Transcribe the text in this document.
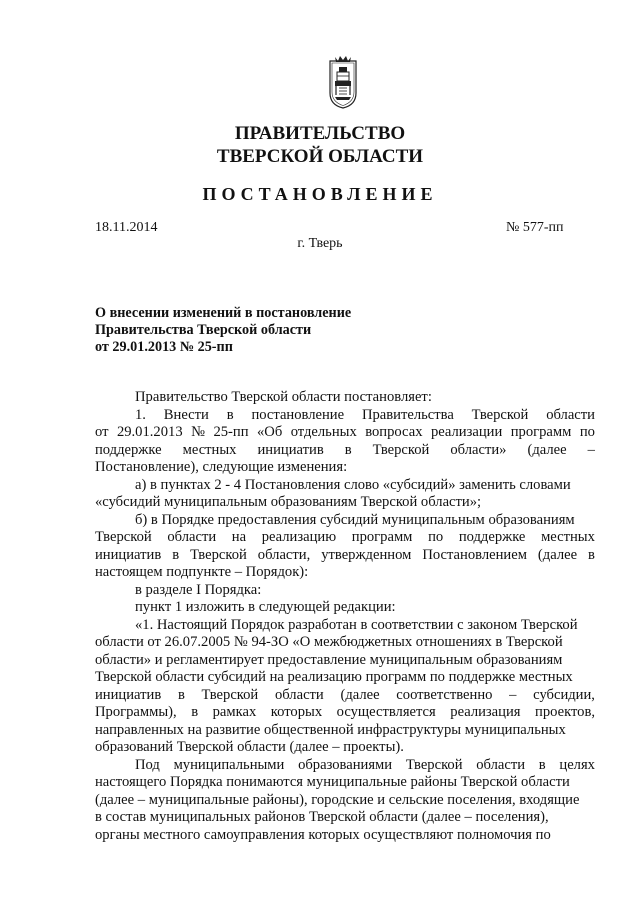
ПРАВИТЕЛЬСТВО
ТВЕРСКОЙ ОБЛАСТИ
ПОСТАНОВЛЕНИЕ
18.11.2014	№ 577-пп
г. Тверь
О внесении изменений в постановление
Правительства Тверской области
от 29.01.2013 № 25-пп
Правительство Тверской области постановляет:
1. Внести в постановление Правительства Тверской области
от 29.01.2013 № 25-пп «Об отдельных вопросах реализации программ по
поддержке местных инициатив в Тверской области» (далее –
Постановление), следующие изменения:
а) в пунктах 2 - 4 Постановления слово «субсидий» заменить словами
«субсидий муниципальным образованиям Тверской области»;
б) в Порядке предоставления субсидий муниципальным образованиям
Тверской области на реализацию программ по поддержке местных
инициатив в Тверской области, утвержденном Постановлением (далее в
настоящем подпункте – Порядок):
в разделе I Порядка:
пункт 1 изложить в следующей редакции:
«1. Настоящий Порядок разработан в соответствии с законом Тверской
области от 26.07.2005 № 94-ЗО «О межбюджетных отношениях в Тверской
области» и регламентирует предоставление муниципальным образованиям
Тверской области субсидий на реализацию программ по поддержке местных
инициатив в Тверской области (далее соответственно – субсидии,
Программы), в рамках которых осуществляется реализация проектов,
направленных на развитие общественной инфраструктуры муниципальных
образований Тверской области (далее – проекты).
Под муниципальными образованиями Тверской области в целях
настоящего Порядка понимаются муниципальные районы Тверской области
(далее – муниципальные районы), городские и сельские поселения, входящие
в состав муниципальных районов Тверской области (далее – поселения),
органы местного самоуправления которых осуществляют полномочия по
